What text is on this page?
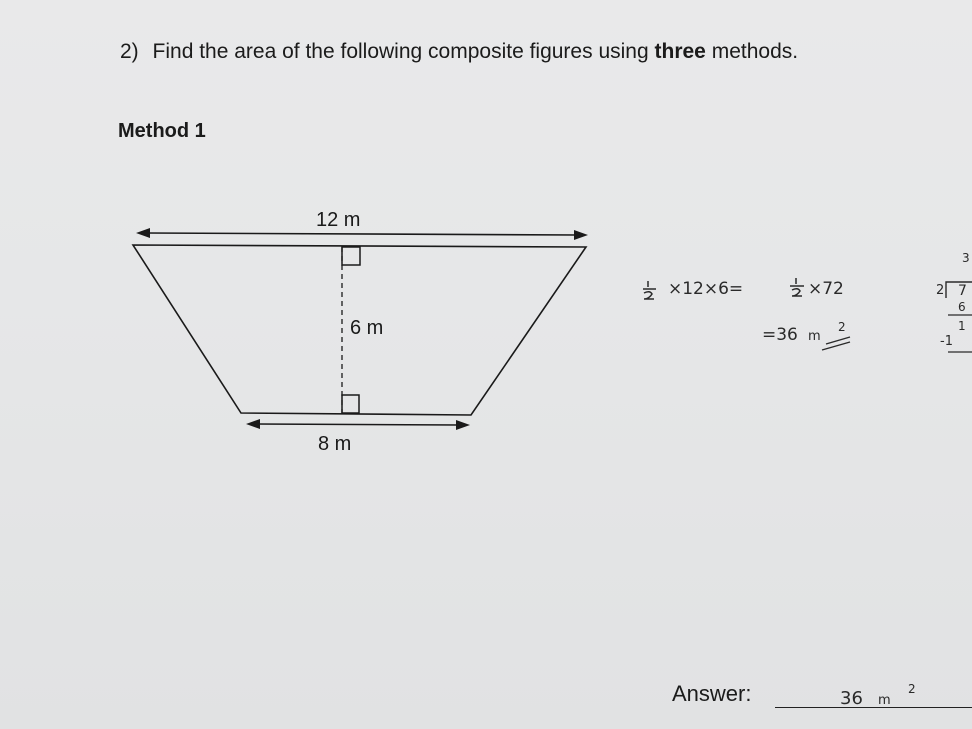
2) Find the area of the following composite figures using three methods.
Method 1
12 m
6 m
8 m
×12×6=	×72
=36 m
2
3
2 7
6
1
-1
36 m
2
Answer:
